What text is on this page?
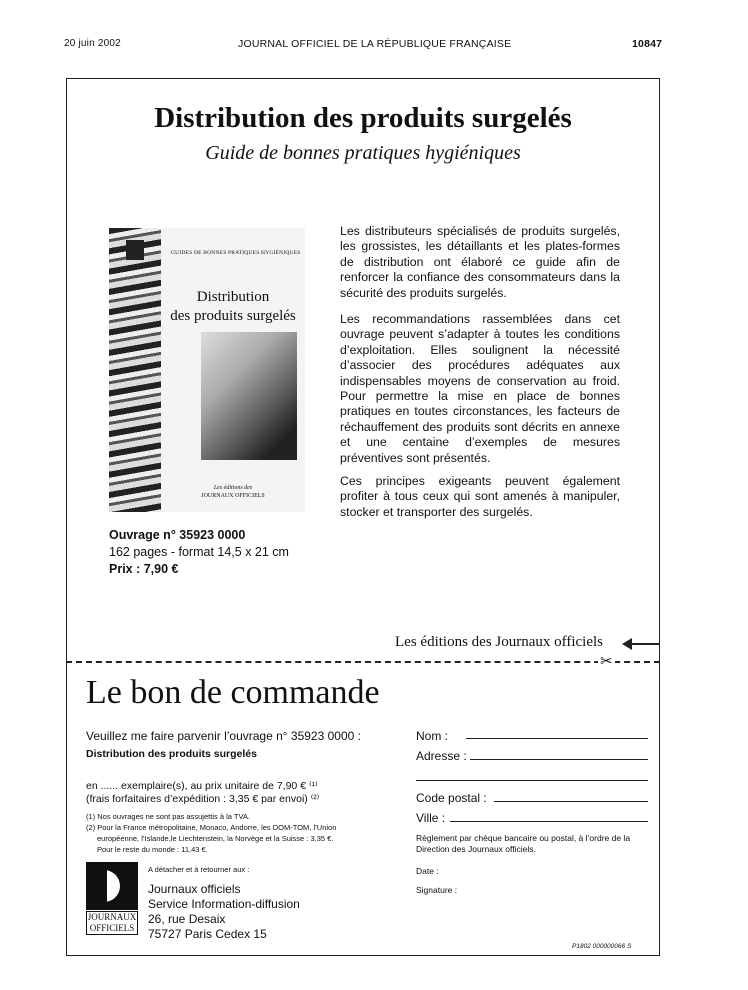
20 juin 2002	JOURNAL OFFICIEL DE LA RÉPUBLIQUE FRANÇAISE	10847
Distribution des produits surgelés
Guide de bonnes pratiques hygiéniques
GUIDES DE BONNES PRATIQUES HYGIÉNIQUES
Distribution
des produits surgelés
Les éditions des
JOURNAUX OFFICIELS
Les distributeurs spécialisés de produits surgelés, les grossistes, les détaillants et les plates-formes de distribution ont élaboré ce guide afin de renforcer la confiance des consommateurs dans la sécurité des produits surgelés.
Les recommandations rassemblées dans cet ouvrage peuvent s’adapter à toutes les conditions d’exploitation. Elles soulignent la nécessité d’associer des procédures adéquates aux indispensables moyens de conservation au froid. Pour permettre la mise en place de bonnes pratiques en toutes circonstances, les facteurs de réchauffement des produits sont décrits en annexe et une centaine d’exemples de mesures préventives sont présentés.
Ces principes exigeants peuvent également profiter à tous ceux qui sont amenés à manipuler, stocker et transporter des surgelés.
Ouvrage n° 35923 0000
162 pages - format 14,5 x 21 cm
Prix : 7,90 €
Les éditions des Journaux officiels
✂
Le bon de commande
Veuillez me faire parvenir l’ouvrage n° 35923 0000 :
Distribution des produits surgelés
en ...... exemplaire(s), au prix unitaire de 7,90 € ⁽¹⁾
(frais forfaitaires d’expédition : 3,35 € par envoi) ⁽²⁾
(1) Nos ouvrages ne sont pas assujettis à la TVA.
(2) Pour la France métropolitaine, Monaco, Andorre, les DOM-TOM, l’Union
européenne, l’Islande,le Liechtenstein, la Norvège et la Suisse : 3,35 €.
Pour le reste du monde : 11,43 €.
A détacher et à retourner aux :
JOURNAUX
OFFICIELS
Journaux officiels
Service Information-diffusion
26, rue Desaix
75727 Paris Cedex 15
Nom :
Adresse :
Code postal :
Ville :
Règlement par chèque bancaire ou postal, à l’ordre de la Direction des Journaux officiels.
Date :
Signature :
P1802 000000066 S
